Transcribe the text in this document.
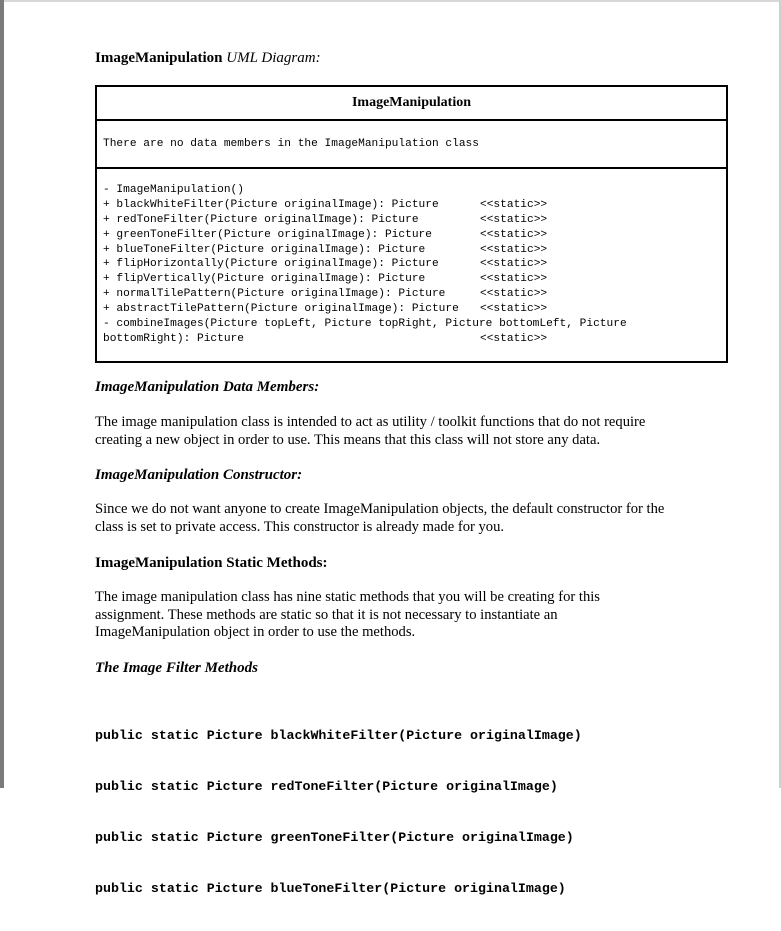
ImageManipulation UML Diagram:
ImageManipulation
There are no data members in the ImageManipulation class
- ImageManipulation()
+ blackWhiteFilter(Picture originalImage): Picture	<<static>>
+ redToneFilter(Picture originalImage): Picture	<<static>>
+ greenToneFilter(Picture originalImage): Picture	<<static>>
+ blueToneFilter(Picture originalImage): Picture	<<static>>
+ flipHorizontally(Picture originalImage): Picture	<<static>>
+ flipVertically(Picture originalImage): Picture	<<static>>
+ normalTilePattern(Picture originalImage): Picture	<<static>>
+ abstractTilePattern(Picture originalImage): Picture <<static>>
- combineImages(Picture topLeft, Picture topRight, Picture bottomLeft, Picture
bottomRight): Picture	<<static>>
ImageManipulation Data Members:
The image manipulation class is intended to act as utility / toolkit functions that do not require creating a new object in order to use. This means that this class will not store any data.
ImageManipulation Constructor:
Since we do not want anyone to create ImageManipulation objects, the default constructor for the class is set to private access. This constructor is already made for you.
ImageManipulation Static Methods:
The image manipulation class has nine static methods that you will be creating for this assignment. These methods are static so that it is not necessary to instantiate an ImageManipulation object in order to use the methods.
The Image Filter Methods

public static Picture blackWhiteFilter(Picture originalImage)

public static Picture redToneFilter(Picture originalImage)

public static Picture greenToneFilter(Picture originalImage)

public static Picture blueToneFilter(Picture originalImage)
